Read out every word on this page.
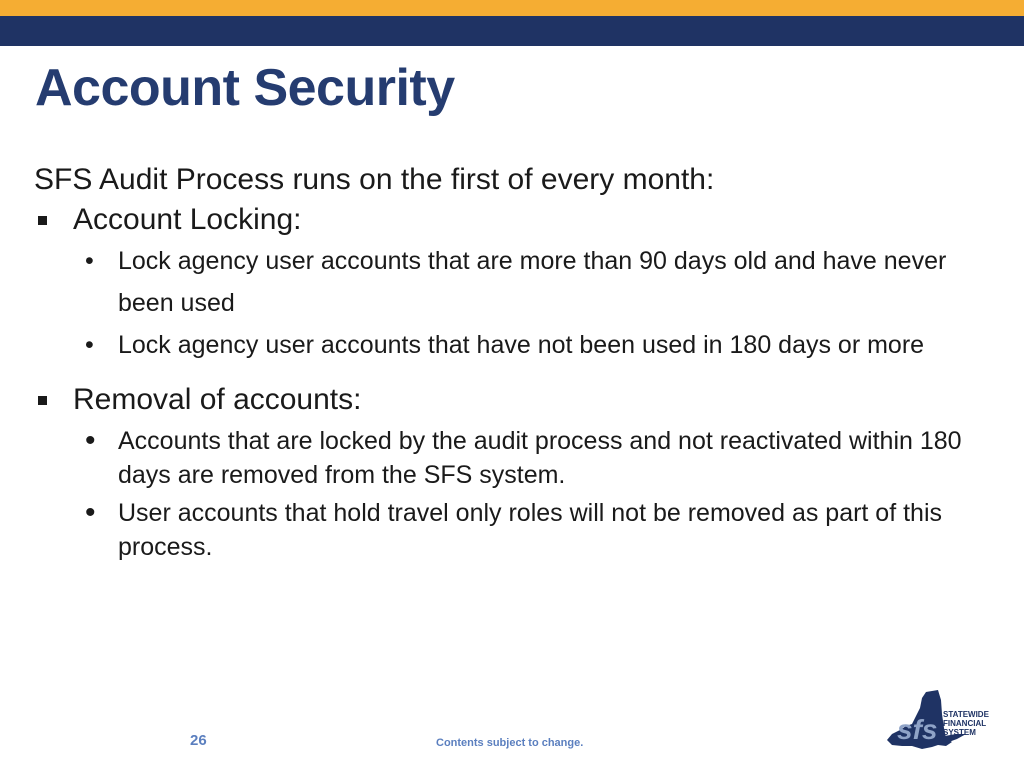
Account Security
SFS Audit Process runs on the first of every month:
Account Locking:
• Lock agency user accounts that are more than 90 days old and have never been used
• Lock agency user accounts that have not been used in 180 days or more
Removal of accounts:
• Accounts that are locked by the audit process and not reactivated within 180 days are removed from the SFS system.
• User accounts that hold travel only roles will not be removed as part of this process.
26	Contents subject to change.	sfs STATEWIDE
FINANCIAL
SYSTEM
